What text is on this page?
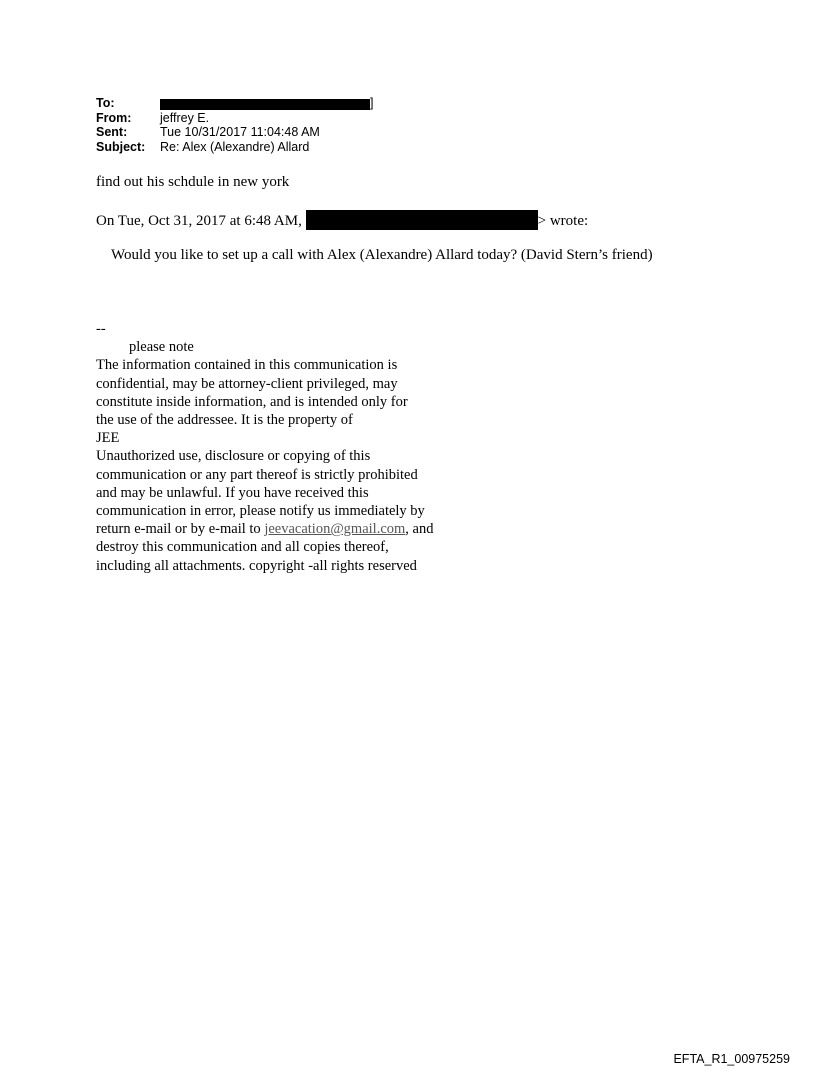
To:	]
From:	jeffrey E.
Sent:	Tue 10/31/2017 11:04:48 AM
Subject:	Re: Alex (Alexandre) Allard
find out his schdule in new york
On Tue, Oct 31, 2017 at 6:48 AM,	> wrote:
Would you like to set up a call with Alex (Alexandre) Allard today? (David Stern’s friend)
--
please note
The information contained in this communication is
confidential, may be attorney-client privileged, may
constitute inside information, and is intended only for
the use of the addressee. It is the property of
JEE
Unauthorized use, disclosure or copying of this
communication or any part thereof is strictly prohibited
and may be unlawful. If you have received this
communication in error, please notify us immediately by
return e-mail or by e-mail to jeevacation@gmail.com, and
destroy this communication and all copies thereof,
including all attachments. copyright -all rights reserved
EFTA_R1_00975259
